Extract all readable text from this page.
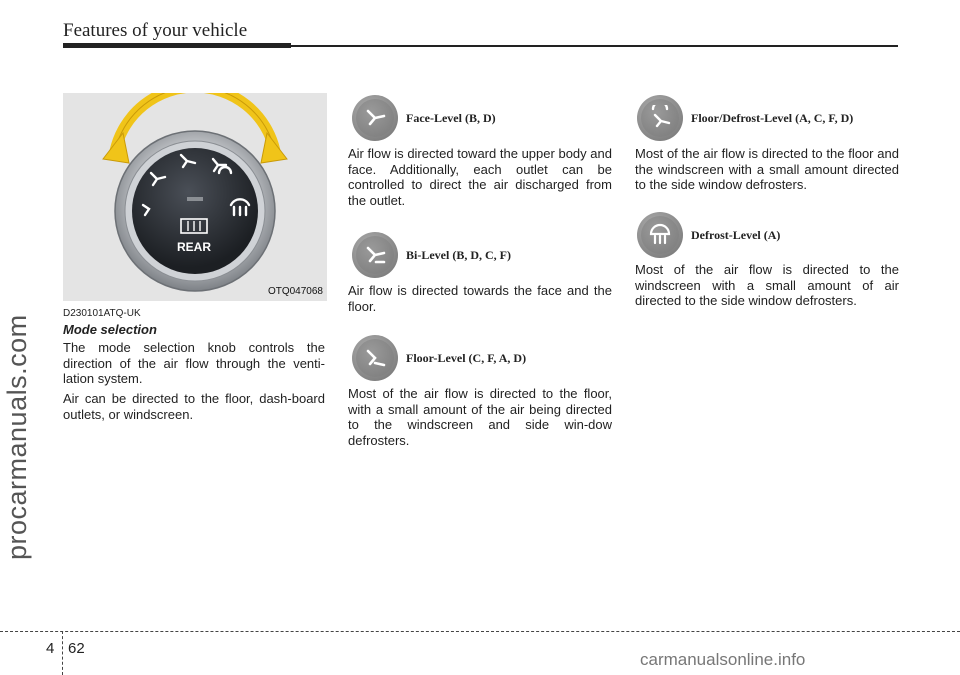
Features of your vehicle
procarmanuals.com
REAR
OTQ047068
D230101ATQ-UK
Mode selection
The mode selection knob controls the direction of the air flow through the venti-lation system.
Air can be directed to the floor, dash-board outlets, or windscreen.
Face-Level (B, D)
Air flow is directed toward the upper body and face. Additionally, each outlet can be controlled to direct the air discharged from the outlet.
Bi-Level (B, D, C, F)
Air flow is directed towards the face and the floor.
Floor-Level (C, F, A, D)
Most of the air flow is directed to the floor, with a small amount of the air being directed to the windscreen and side win-dow defrosters.
Floor/Defrost-Level (A, C, F, D)
Most of the air flow is directed to the floor and the windscreen with a small amount directed to the side window defrosters.
Defrost-Level (A)
Most of the air flow is directed to the windscreen with a small amount of air directed to the side window defrosters.
4 62
carmanualsonline.info
